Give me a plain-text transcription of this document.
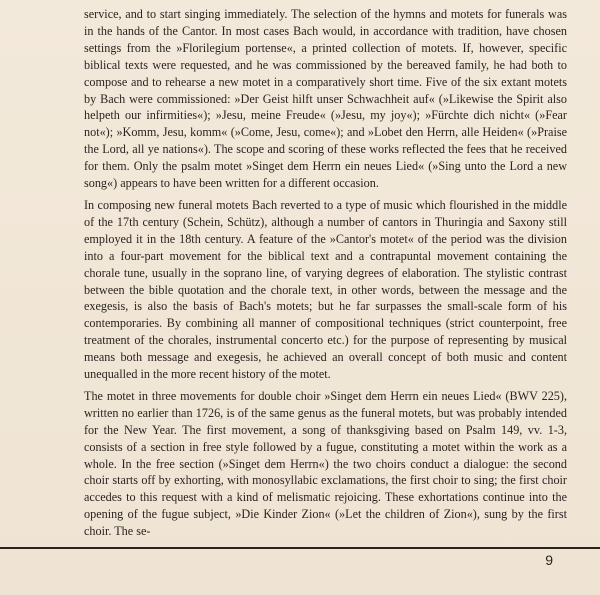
service, and to start singing immediately. The selection of the hymns and motets for funerals was in the hands of the Cantor. In most cases Bach would, in accordance with tradition, have chosen settings from the »Florilegium portense«, a printed collection of motets. If, however, specific biblical texts were requested, and he was commissioned by the bereaved family, he had both to compose and to rehearse a new motet in a comparatively short time. Five of the six extant motets by Bach were commissioned: »Der Geist hilft unser Schwachheit auf« (»Likewise the Spirit also helpeth our infirmities«); »Jesu, meine Freude« (»Jesu, my joy«); »Fürchte dich nicht« (»Fear not«); »Komm, Jesu, komm« (»Come, Jesu, come«); and »Lobet den Herrn, alle Heiden« (»Praise the Lord, all ye nations«). The scope and scoring of these works reflected the fees that he received for them. Only the psalm motet »Singet dem Herrn ein neues Lied« (»Sing unto the Lord a new song«) appears to have been written for a different occasion.

In composing new funeral motets Bach reverted to a type of music which flourished in the middle of the 17th century (Schein, Schütz), although a number of cantors in Thuringia and Saxony still employed it in the 18th century. A feature of the »Cantor's motet« of the period was the division into a four-part movement for the biblical text and a contrapuntal movement containing the chorale tune, usually in the soprano line, of varying degrees of elaboration. The stylistic contrast between the bible quotation and the chorale text, in other words, between the message and the exegesis, is also the basis of Bach's motets; but he far surpasses the small-scale form of his contemporaries. By combining all manner of compositional techniques (strict counterpoint, free treatment of the chorales, instrumental concerto etc.) for the purpose of representing by musical means both message and exegesis, he achieved an overall concept of both music and content unequalled in the more recent history of the motet.

The motet in three movements for double choir »Singet dem Herrn ein neues Lied« (BWV 225), written no earlier than 1726, is of the same genus as the funeral motets, but was probably intended for the New Year. The first movement, a song of thanksgiving based on Psalm 149, vv. 1-3, consists of a section in free style followed by a fugue, constituting a motet within the work as a whole. In the free section (»Singet dem Herrn«) the two choirs conduct a dialogue: the second choir starts off by exhorting, with monosyllabic exclamations, the first choir to sing; the first choir accedes to this request with a kind of melismatic rejoicing. These exhortations continue into the opening of the fugue subject, »Die Kinder Zion« (»Let the children of Zion«), sung by the first choir. The se-

9
